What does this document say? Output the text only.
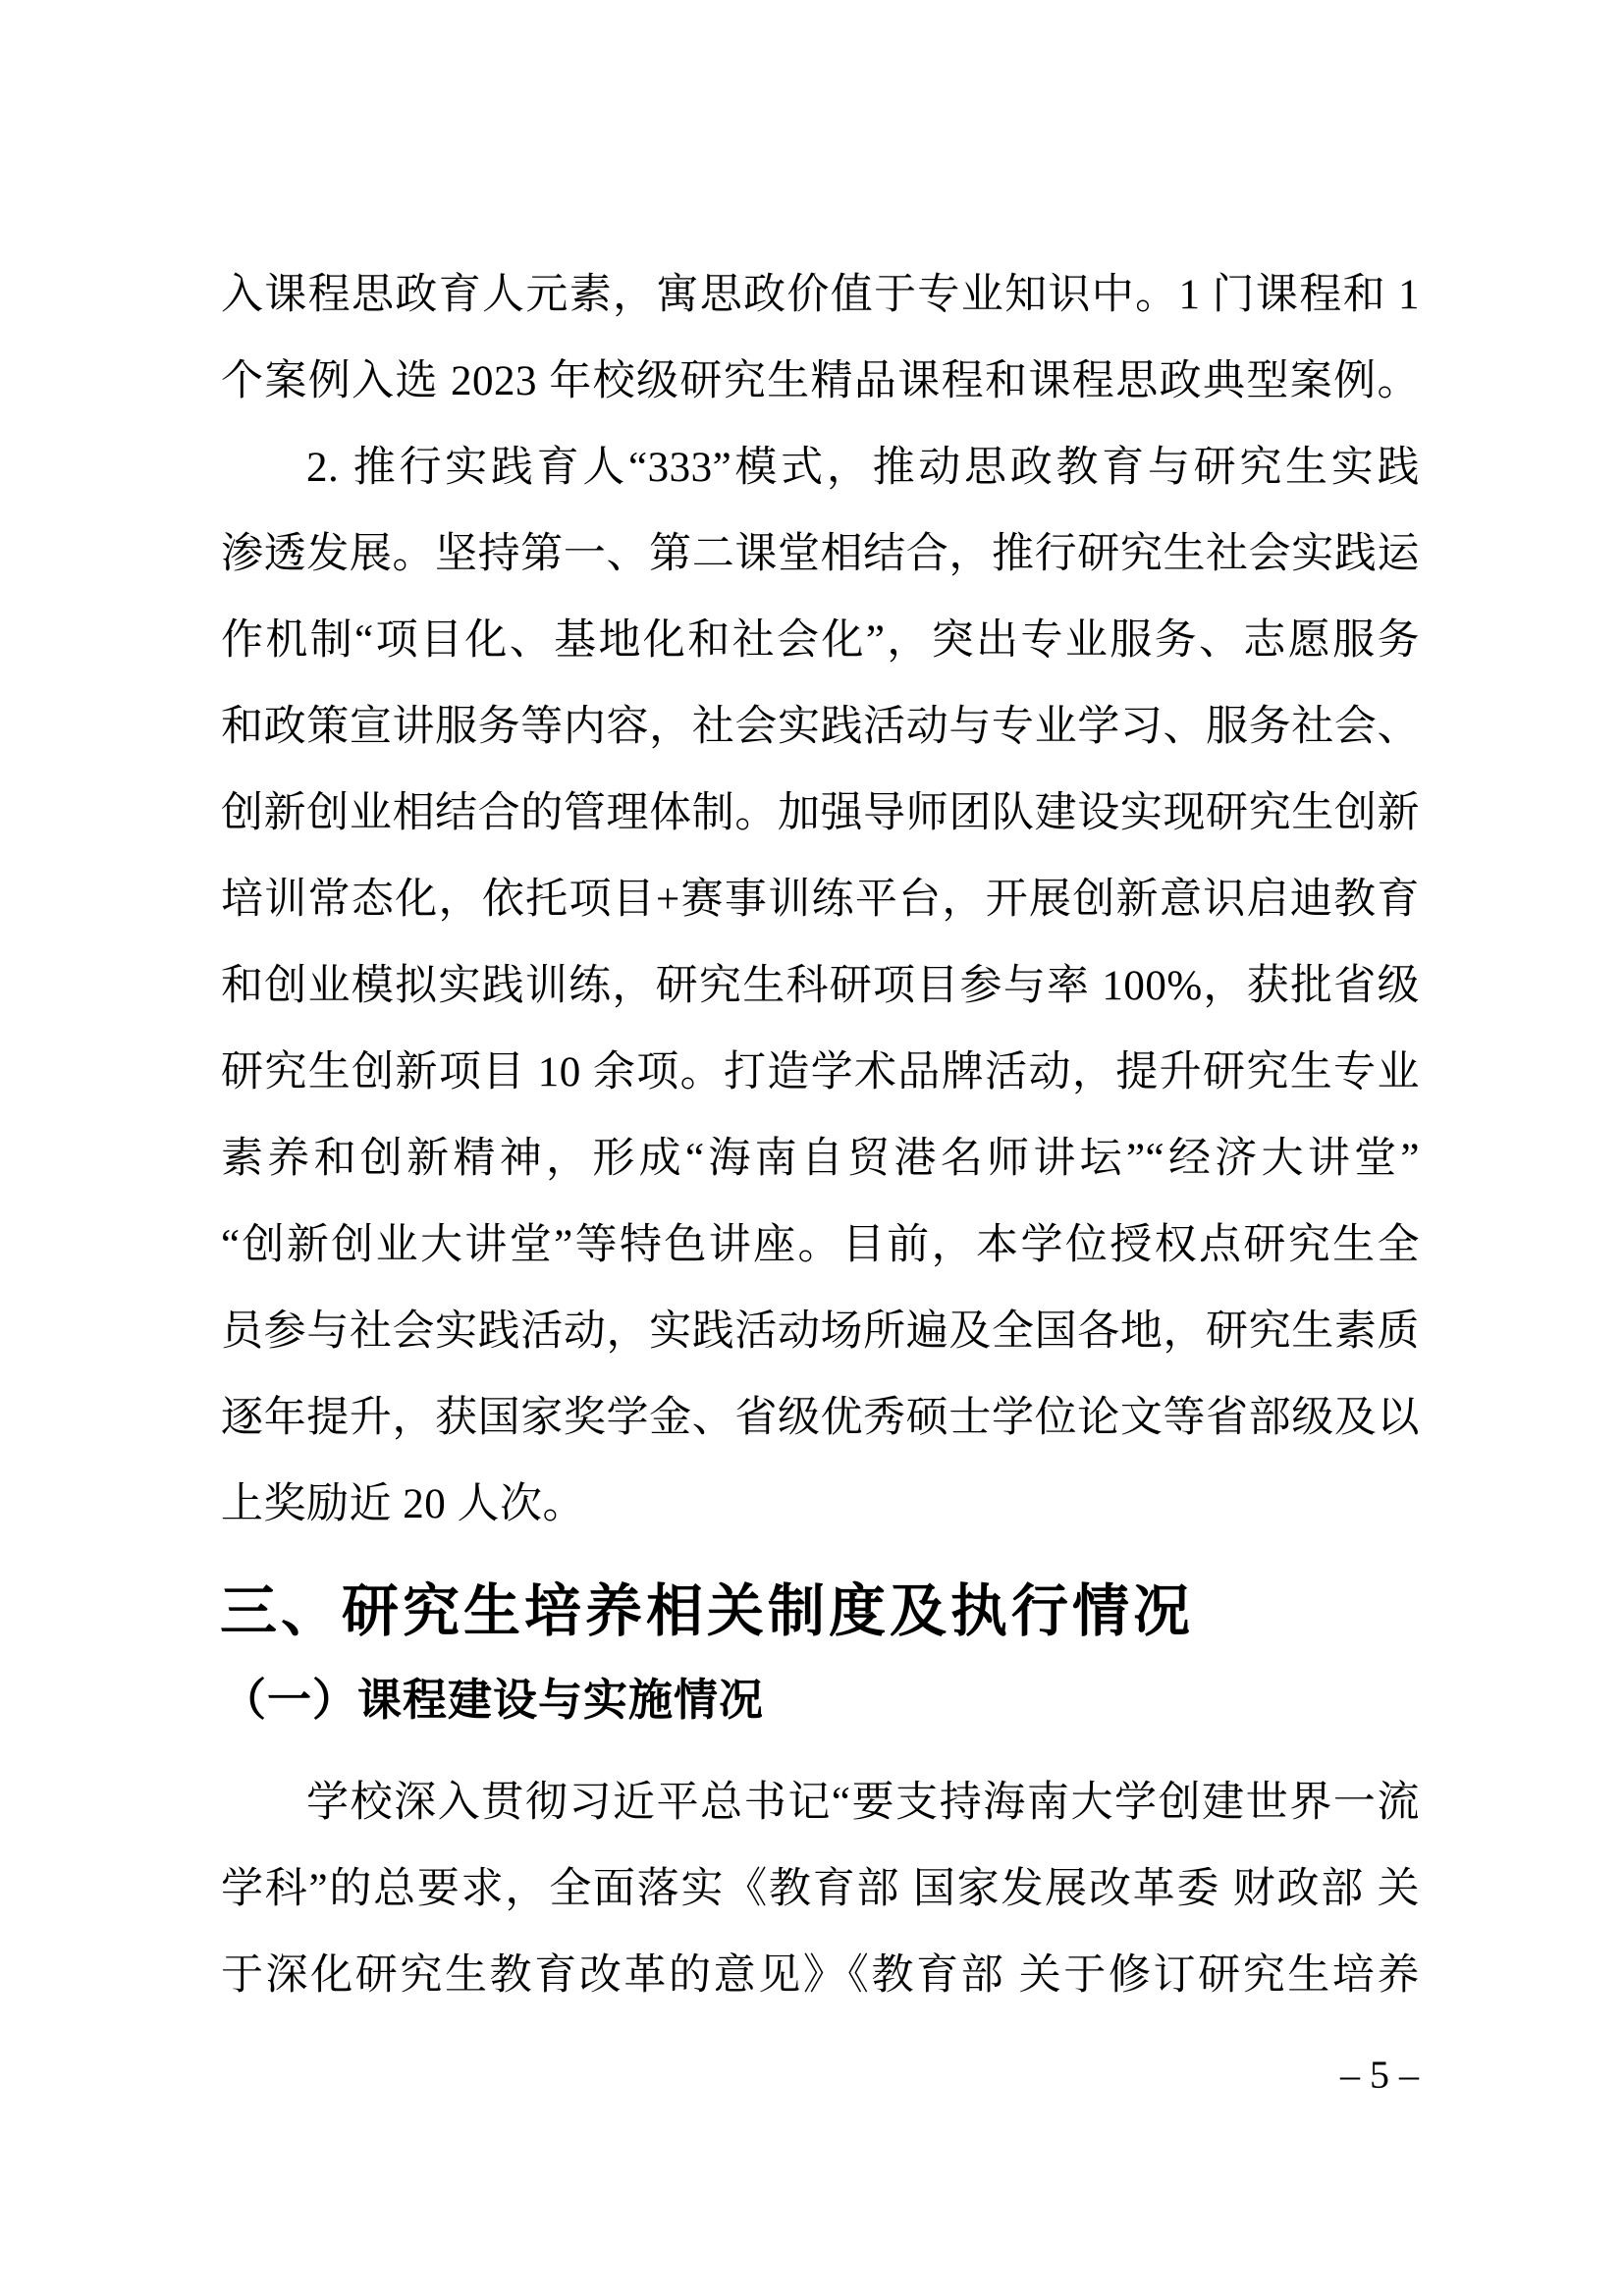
入课程思政育人元素，寓思政价值于专业知识中。1 门课程和 1
个案例入选 2023 年校级研究生精品课程和课程思政典型案例。
2. 推行实践育人“333”模式，推动思政教育与研究生实践
渗透发展。坚持第一、第二课堂相结合，推行研究生社会实践运
作机制“项目化、基地化和社会化”，突出专业服务、志愿服务
和政策宣讲服务等内容，社会实践活动与专业学习、服务社会、
创新创业相结合的管理体制。加强导师团队建设实现研究生创新
培训常态化，依托项目+赛事训练平台，开展创新意识启迪教育
和创业模拟实践训练，研究生科研项目参与率 100%，获批省级
研究生创新项目 10 余项。打造学术品牌活动，提升研究生专业
素养和创新精神，形成“海南自贸港名师讲坛”“经济大讲堂”
“创新创业大讲堂”等特色讲座。目前，本学位授权点研究生全
员参与社会实践活动，实践活动场所遍及全国各地，研究生素质
逐年提升，获国家奖学金、省级优秀硕士学位论文等省部级及以
上奖励近 20 人次。
三、研究生培养相关制度及执行情况
（一）课程建设与实施情况
学校深入贯彻习近平总书记“要支持海南大学创建世界一流
学科”的总要求，全面落实《教育部 国家发展改革委 财政部 关
于深化研究生教育改革的意见》《教育部 关于修订研究生培养
– 5 –
